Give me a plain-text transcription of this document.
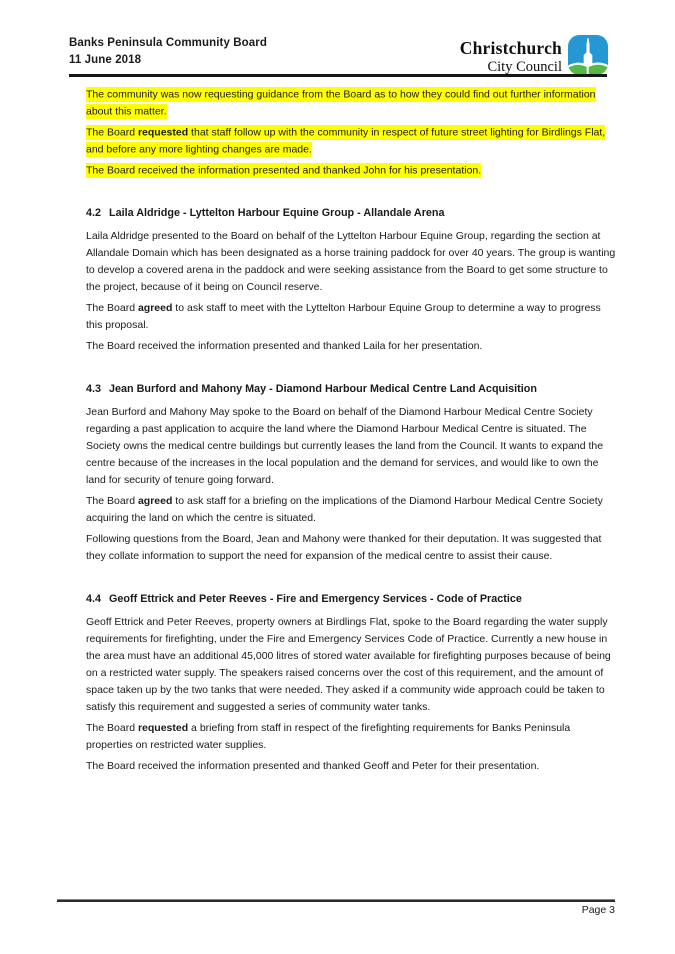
Banks Peninsula Community Board
11 June 2018
Christchurch
City Council

The community was now requesting guidance from the Board as to how they could find out further information about this matter.

The Board requested that staff follow up with the community in respect of future street lighting for Birdlings Flat, and before any more lighting changes are made.

The Board received the information presented and thanked John for his presentation.

4.2 Laila Aldridge - Lyttelton Harbour Equine Group - Allandale Arena

Laila Aldridge presented to the Board on behalf of the Lyttelton Harbour Equine Group, regarding the section at Allandale Domain which has been designated as a horse training paddock for over 40 years. The group is wanting to develop a covered arena in the paddock and were seeking assistance from the Board to get some structure to the project, because of it being on Council reserve.

The Board agreed to ask staff to meet with the Lyttelton Harbour Equine Group to determine a way to progress this proposal.

The Board received the information presented and thanked Laila for her presentation.

4.3 Jean Burford and Mahony May - Diamond Harbour Medical Centre Land Acquisition

Jean Burford and Mahony May spoke to the Board on behalf of the Diamond Harbour Medical Centre Society regarding a past application to acquire the land where the Diamond Harbour Medical Centre is situated. The Society owns the medical centre buildings but currently leases the land from the Council. It wants to expand the centre because of the increases in the local population and the demand for services, and would like to own the land for security of tenure going forward.

The Board agreed to ask staff for a briefing on the implications of the Diamond Harbour Medical Centre Society acquiring the land on which the centre is situated.

Following questions from the Board, Jean and Mahony were thanked for their deputation. It was suggested that they collate information to support the need for expansion of the medical centre to assist their cause.

4.4 Geoff Ettrick and Peter Reeves - Fire and Emergency Services - Code of Practice

Geoff Ettrick and Peter Reeves, property owners at Birdlings Flat, spoke to the Board regarding the water supply requirements for firefighting, under the Fire and Emergency Services Code of Practice. Currently a new house in the area must have an additional 45,000 litres of stored water available for firefighting purposes because of being on a restricted water supply. The speakers raised concerns over the cost of this requirement, and the amount of space taken up by the two tanks that were needed. They asked if a community wide approach could be taken to satisfy this requirement and suggested a series of community water tanks.

The Board requested a briefing from staff in respect of the firefighting requirements for Banks Peninsula properties on restricted water supplies.

The Board received the information presented and thanked Geoff and Peter for their presentation.

Page 3
